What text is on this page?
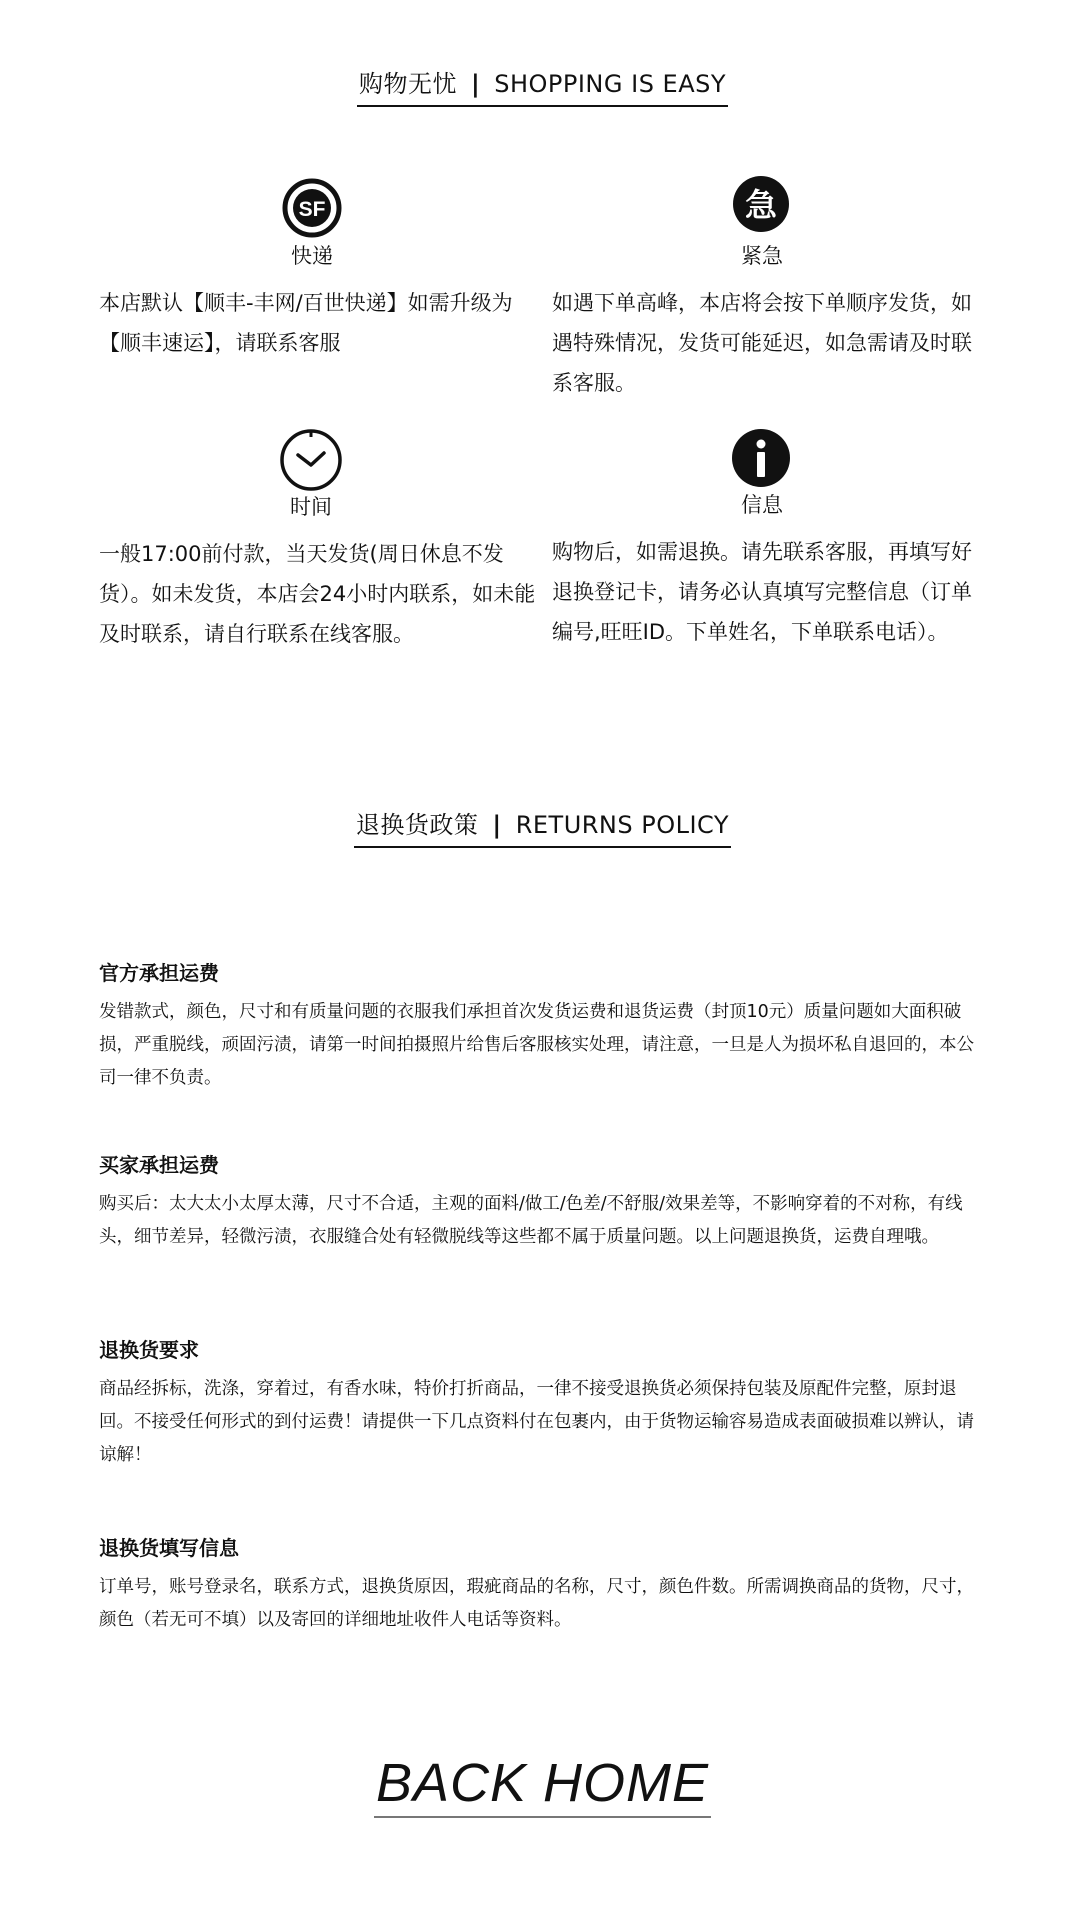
购物无忧 | SHOPPING IS EASY
SF
快递
本店默认【顺丰-丰网/百世快递】如需升级为【顺丰速运】，请联系客服
急
紧急
如遇下单高峰，本店将会按下单顺序发货，如遇特殊情况，发货可能延迟，如急需请及时联系客服。
时间
一般17:00前付款，当天发货(周日休息不发货）。如未发货，本店会24小时内联系，如未能及时联系，请自行联系在线客服。
信息
购物后，如需退换。请先联系客服，再填写好退换登记卡，请务必认真填写完整信息（订单编号,旺旺ID。下单姓名，下单联系电话）。
退换货政策 | RETURNS POLICY

官方承担运费

发错款式，颜色，尺寸和有质量问题的衣服我们承担首次发货运费和退货运费（封顶10元）质量问题如大面积破损，严重脱线，顽固污渍，请第一时间拍摄照片给售后客服核实处理，请注意，一旦是人为损坏私自退回的，本公司一律不负责。

买家承担运费

购买后：太大太小太厚太薄，尺寸不合适，主观的面料/做工/色差/不舒服/效果差等，不影响穿着的不对称，有线头，细节差异，轻微污渍，衣服缝合处有轻微脱线等这些都不属于质量问题。以上问题退换货，运费自理哦。

退换货要求

商品经拆标，洗涤，穿着过，有香水味，特价打折商品，一律不接受退换货必须保持包装及原配件完整，原封退回。不接受任何形式的到付运费！请提供一下几点资料付在包裹内，由于货物运输容易造成表面破损难以辨认，请谅解！

退换货填写信息

订单号，账号登录名，联系方式，退换货原因，瑕疵商品的名称，尺寸，颜色件数。所需调换商品的货物，尺寸，颜色（若无可不填）以及寄回的详细地址收件人电话等资料。

BACK HOME
